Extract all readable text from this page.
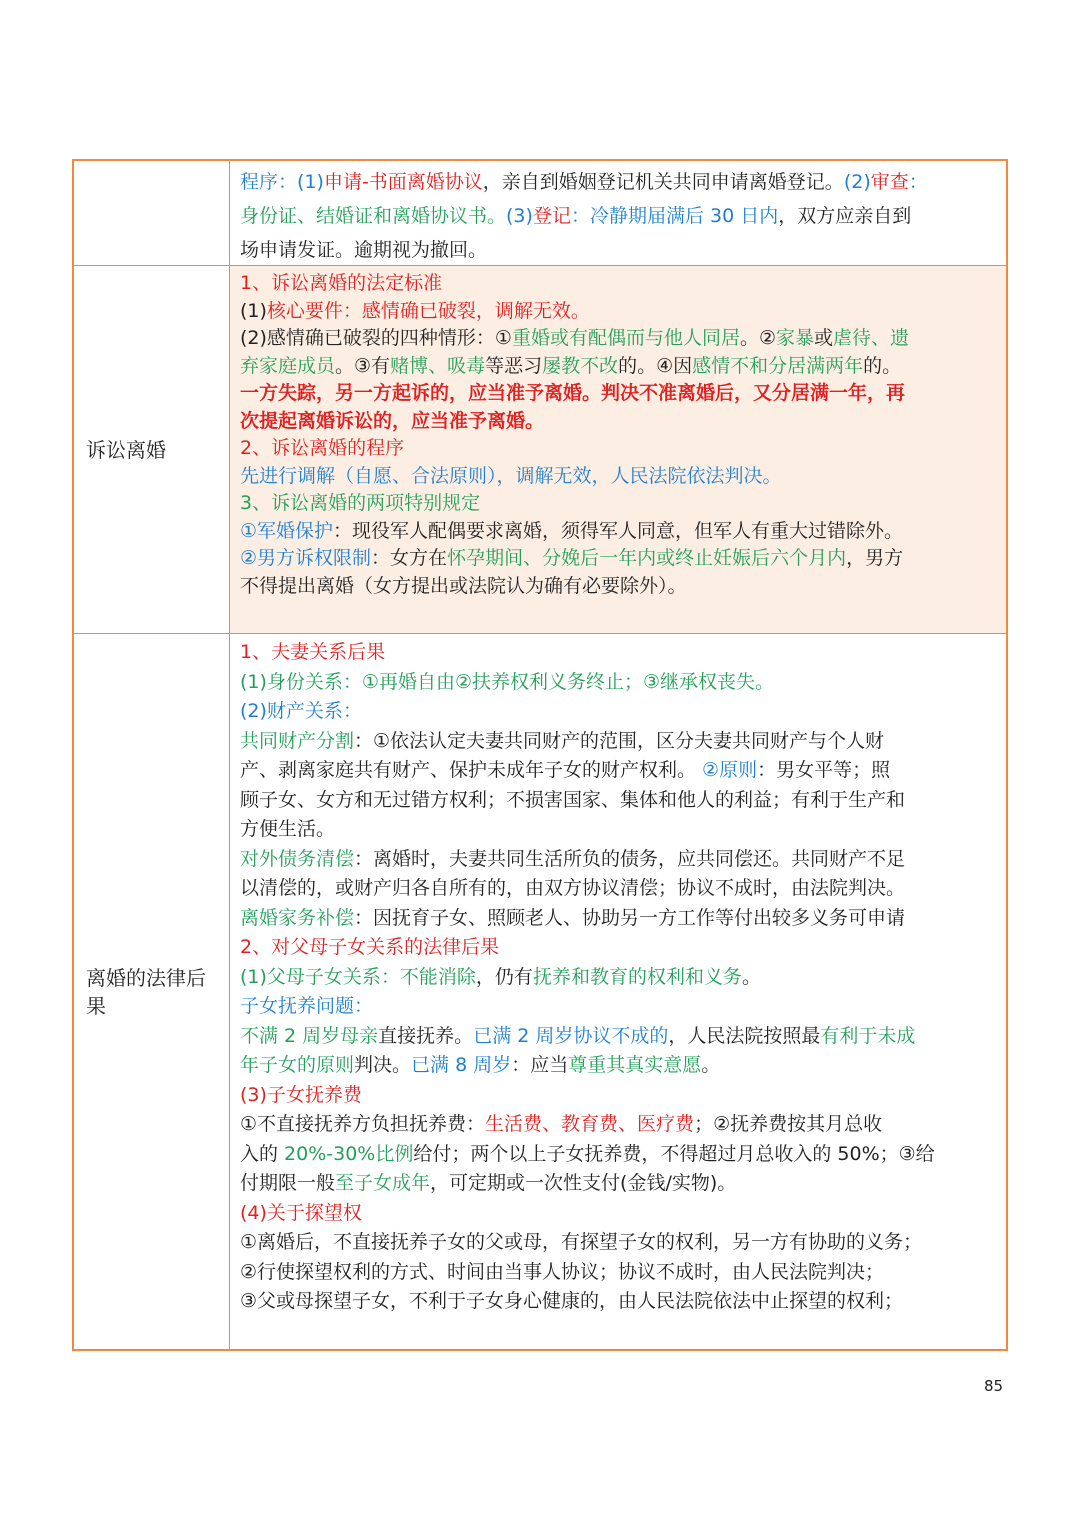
程序：(1)申请-书面离婚协议，亲自到婚姻登记机关共同申请离婚登记。(2)审查：
身份证、结婚证和离婚协议书。(3)登记：冷静期届满后 30 日内，双方应亲自到
场申请发证。逾期视为撤回。
诉讼离婚
1、诉讼离婚的法定标准
(1)核心要件：感情确已破裂，调解无效。
(2)感情确已破裂的四种情形：①重婚或有配偶而与他人同居。②家暴或虐待、遗
弃家庭成员。③有赌博、吸毒等恶习屡教不改的。④因感情不和分居满两年的。
一方失踪，另一方起诉的，应当准予离婚。判决不准离婚后，又分居满一年，再
次提起离婚诉讼的，应当准予离婚。
2、诉讼离婚的程序
先进行调解（自愿、合法原则），调解无效，人民法院依法判决。
3、诉讼离婚的两项特别规定
①军婚保护：现役军人配偶要求离婚，须得军人同意，但军人有重大过错除外。
②男方诉权限制：女方在怀孕期间、分娩后一年内或终止妊娠后六个月内，男方
不得提出离婚（女方提出或法院认为确有必要除外）。
离婚的法律后果
1、夫妻关系后果
(1)身份关系：①再婚自由②扶养权利义务终止；③继承权丧失。
(2)财产关系：
共同财产分割：①依法认定夫妻共同财产的范围，区分夫妻共同财产与个人财
产、剥离家庭共有财产、保护未成年子女的财产权利。 ②原则：男女平等；照
顾子女、女方和无过错方权利；不损害国家、集体和他人的利益；有利于生产和
方便生活。
对外债务清偿：离婚时，夫妻共同生活所负的债务，应共同偿还。共同财产不足
以清偿的，或财产归各自所有的，由双方协议清偿；协议不成时，由法院判决。
离婚家务补偿：因抚育子女、照顾老人、协助另一方工作等付出较多义务可申请
2、对父母子女关系的法律后果
(1)父母子女关系：不能消除，仍有抚养和教育的权利和义务。
子女抚养问题：
不满 2 周岁母亲直接抚养。已满 2 周岁协议不成的，人民法院按照最有利于未成
年子女的原则判决。已满 8 周岁：应当尊重其真实意愿。
(3)子女抚养费
①不直接抚养方负担抚养费：生活费、教育费、医疗费；②抚养费按其月总收
入的 20%-30%比例给付；两个以上子女抚养费，不得超过月总收入的 50%；③给
付期限一般至子女成年，可定期或一次性支付(金钱/实物)。
(4)关于探望权
①离婚后，不直接抚养子女的父或母，有探望子女的权利，另一方有协助的义务；
②行使探望权利的方式、时间由当事人协议；协议不成时，由人民法院判决；
③父或母探望子女，不利于子女身心健康的，由人民法院依法中止探望的权利；
85
